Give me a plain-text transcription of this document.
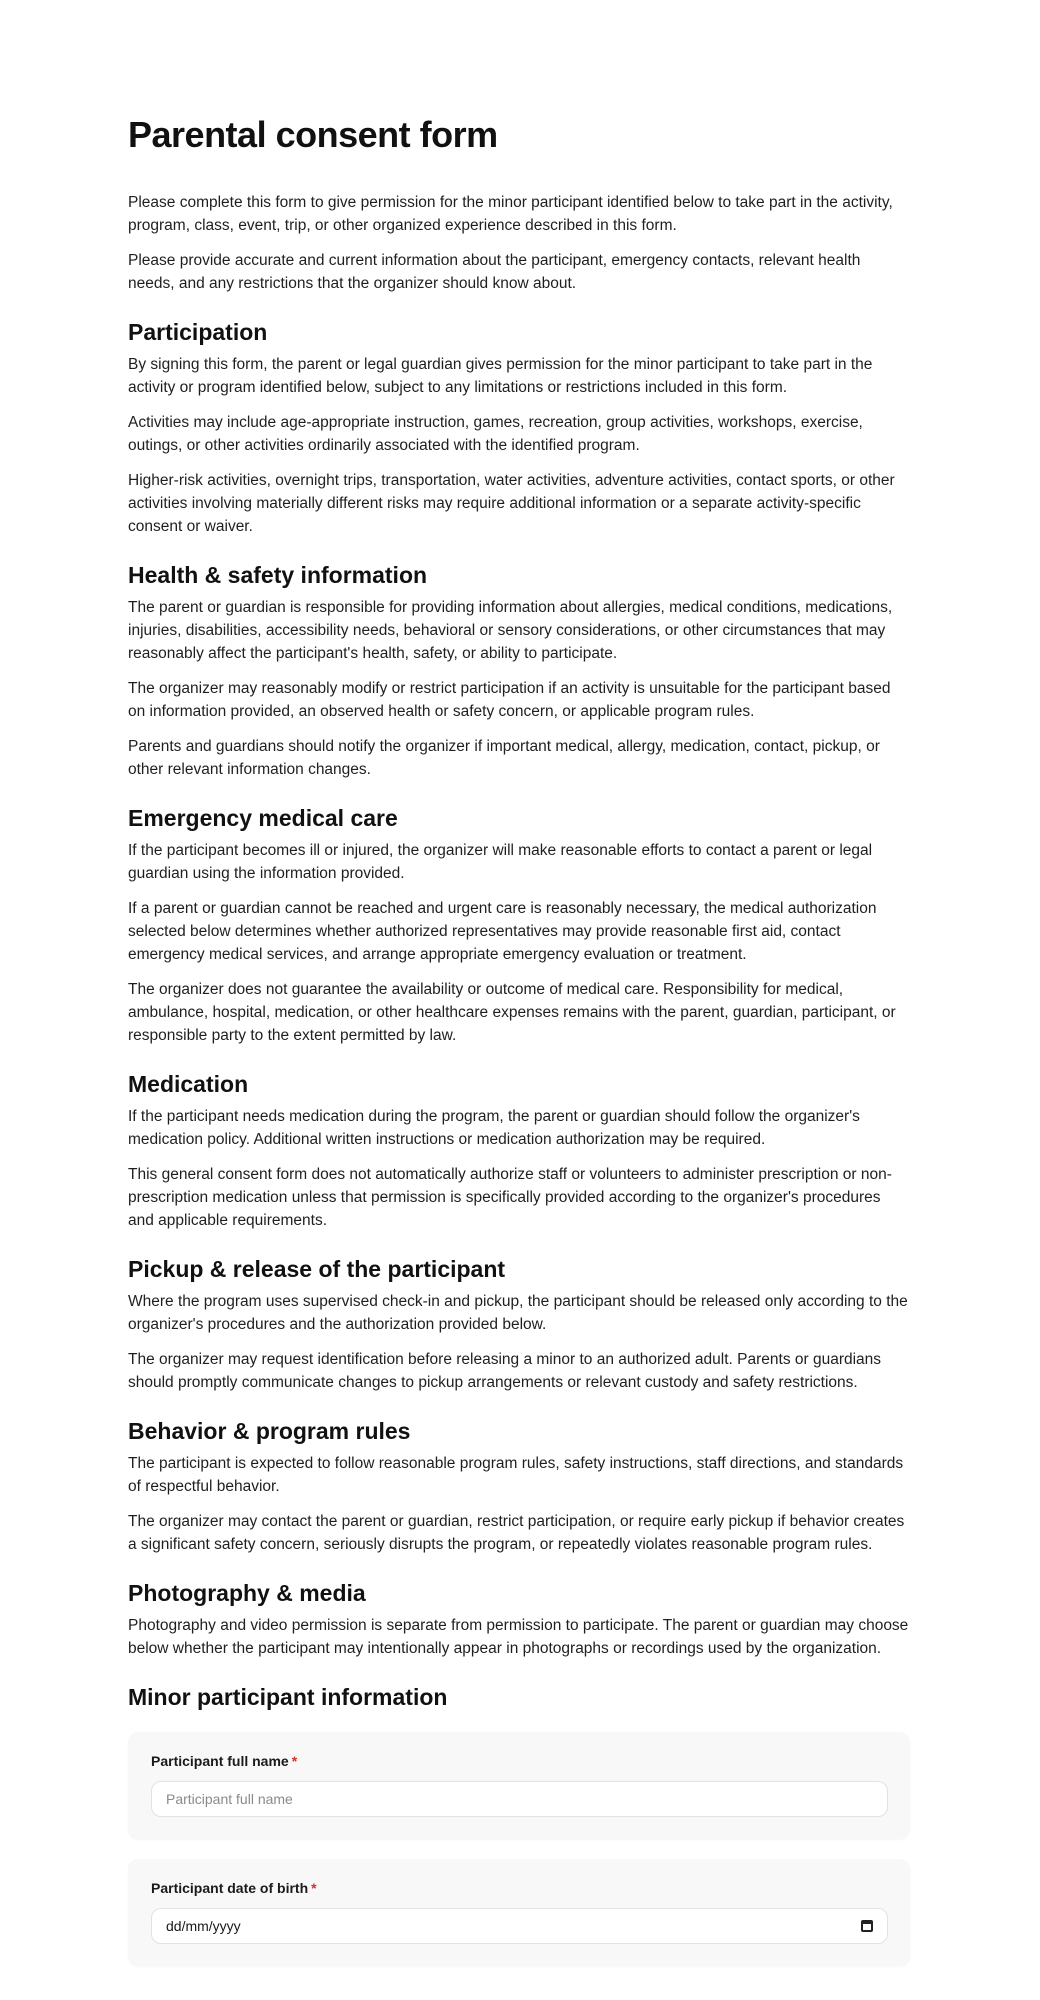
Parental consent form

Please complete this form to give permission for the minor participant identified below to take part in the activity, program, class, event, trip, or other organized experience described in this form.

Please provide accurate and current information about the participant, emergency contacts, relevant health needs, and any restrictions that the organizer should know about.

Participation

By signing this form, the parent or legal guardian gives permission for the minor participant to take part in the activity or program identified below, subject to any limitations or restrictions included in this form.

Activities may include age-appropriate instruction, games, recreation, group activities, workshops, exercise, outings, or other activities ordinarily associated with the identified program.

Higher-risk activities, overnight trips, transportation, water activities, adventure activities, contact sports, or other activities involving materially different risks may require additional information or a separate activity-specific consent or waiver.

Health & safety information

The parent or guardian is responsible for providing information about allergies, medical conditions, medications, injuries, disabilities, accessibility needs, behavioral or sensory considerations, or other circumstances that may reasonably affect the participant's health, safety, or ability to participate.

The organizer may reasonably modify or restrict participation if an activity is unsuitable for the participant based on information provided, an observed health or safety concern, or applicable program rules.

Parents and guardians should notify the organizer if important medical, allergy, medication, contact, pickup, or other relevant information changes.

Emergency medical care

If the participant becomes ill or injured, the organizer will make reasonable efforts to contact a parent or legal guardian using the information provided.

If a parent or guardian cannot be reached and urgent care is reasonably necessary, the medical authorization selected below determines whether authorized representatives may provide reasonable first aid, contact emergency medical services, and arrange appropriate emergency evaluation or treatment.

The organizer does not guarantee the availability or outcome of medical care. Responsibility for medical, ambulance, hospital, medication, or other healthcare expenses remains with the parent, guardian, participant, or responsible party to the extent permitted by law.

Medication

If the participant needs medication during the program, the parent or guardian should follow the organizer's medication policy. Additional written instructions or medication authorization may be required.

This general consent form does not automatically authorize staff or volunteers to administer prescription or non-prescription medication unless that permission is specifically provided according to the organizer's procedures and applicable requirements.

Pickup & release of the participant

Where the program uses supervised check-in and pickup, the participant should be released only according to the organizer's procedures and the authorization provided below.

The organizer may request identification before releasing a minor to an authorized adult. Parents or guardians should promptly communicate changes to pickup arrangements or relevant custody and safety restrictions.

Behavior & program rules

The participant is expected to follow reasonable program rules, safety instructions, staff directions, and standards of respectful behavior.

The organizer may contact the parent or guardian, restrict participation, or require early pickup if behavior creates a significant safety concern, seriously disrupts the program, or repeatedly violates reasonable program rules.

Photography & media

Photography and video permission is separate from permission to participate. The parent or guardian may choose below whether the participant may intentionally appear in photographs or recordings used by the organization.

Minor participant information
Participant full name *
Participant full name
Participant date of birth *
dd/mm/yyyy
